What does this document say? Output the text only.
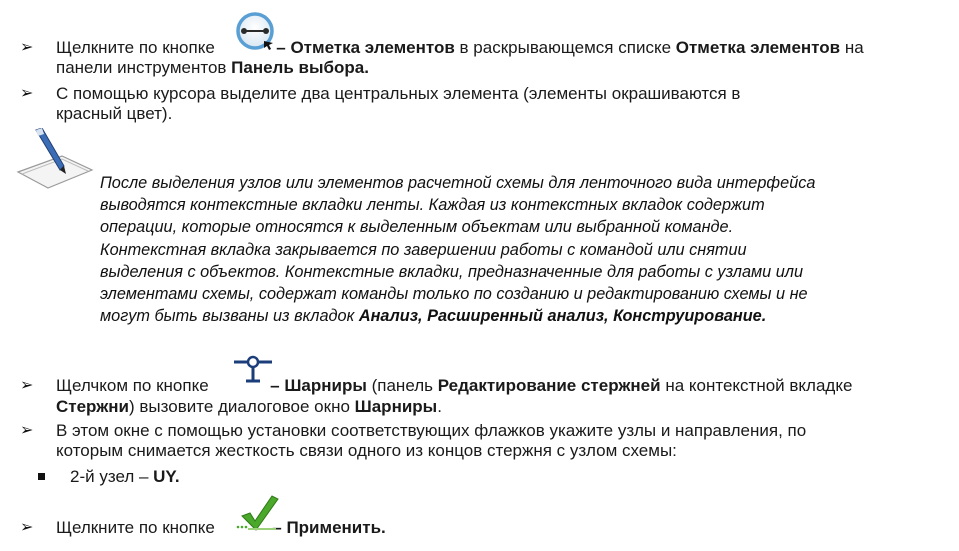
➢ Щелкните по кнопке	– Отметка элементов в раскрывающемся списке Отметка элементов на
панели инструментов Панель выбора.
➢ С помощью курсора выделите два центральных элемента (элементы окрашиваются в
красный цвет).
После выделения узлов или элементов расчетной схемы для ленточного вида интерфейса
выводятся контекстные вкладки ленты. Каждая из контекстных вкладок содержит
операции, которые относятся к выделенным объектам или выбранной команде.
Контекстная вкладка закрывается по завершении работы с командой или снятии
выделения с объектов. Контекстные вкладки, предназначенные для работы с узлами или
элементами схемы, содержат команды только по созданию и редактированию схемы и не
могут быть вызваны из вкладок Анализ, Расширенный анализ, Конструирование.
➢ Щелчком по кнопке	– Шарниры (панель Редактирование стержней на контекстной вкладке
Стержни) вызовите диалоговое окно Шарниры.
➢ В этом окне с помощью установки соответствующих флажков укажите узлы и направления, по
которым снимается жесткость связи одного из концов стержня с узлом схемы:
2-й узел – UY.
➢ Щелкните по кнопке	– Применить.
